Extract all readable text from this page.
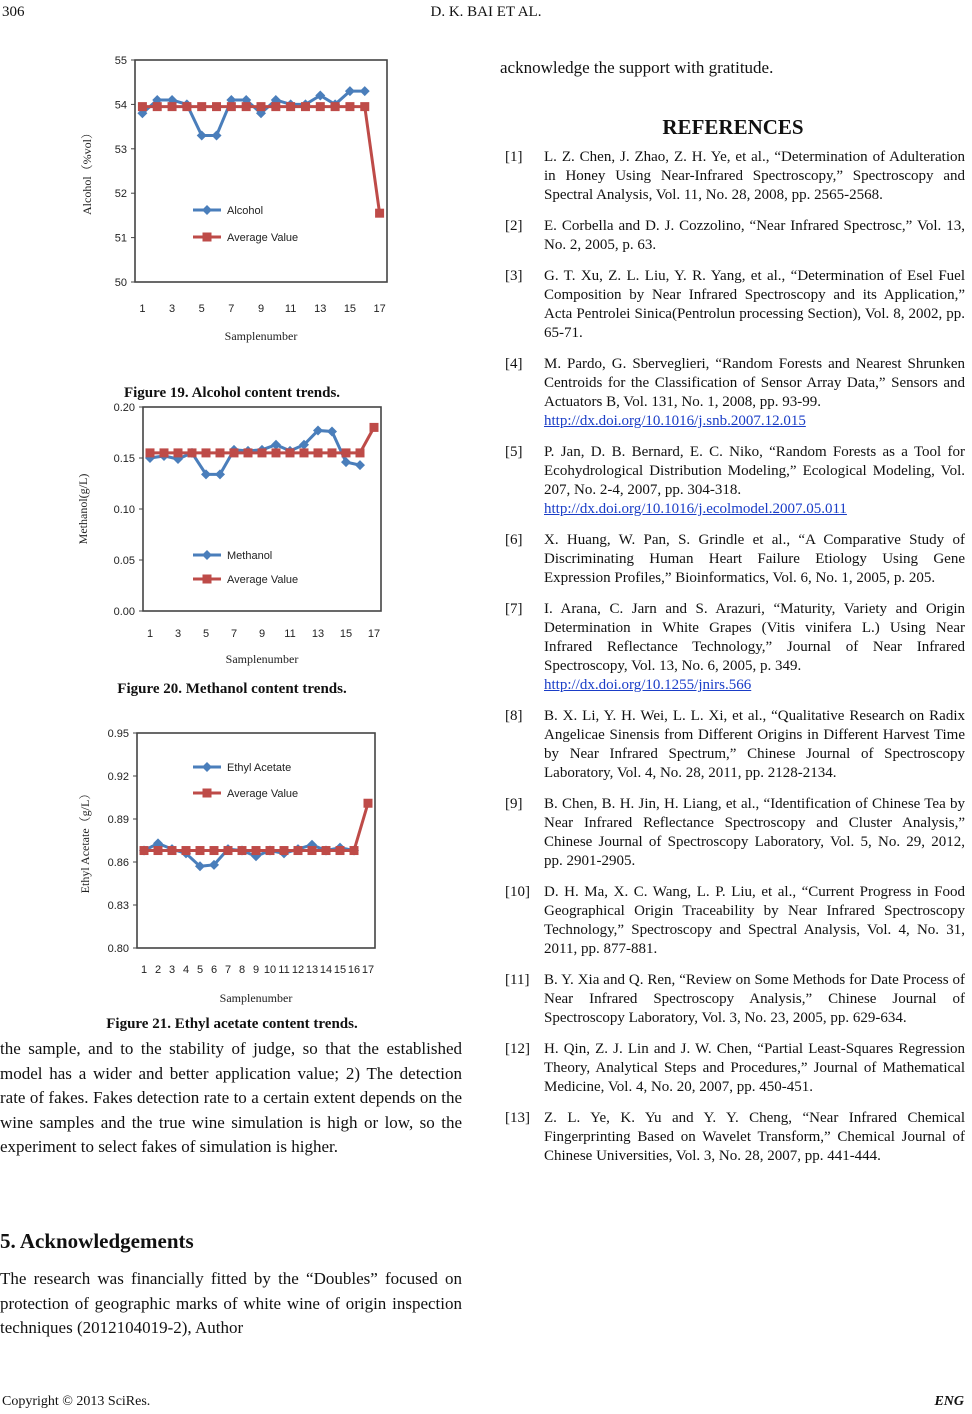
306	D. K. BAI ET AL.
50
51
52
53
54
55
1 3 5 7 9 11 13 15 17
Samplenumber
Alcohol（%vol）	Alcohol
Average Value
Figure 19. Alcohol content trends.
0.00
0.05
0.10
0.15
0.20
1 3 5 7 9 11 13 15 17
Samplenumber
Methanol(g/L)
Methanol
Average Value
Figure 20. Methanol content trends.
0.80
0.83
0.86
0.89
0.92
0.95
1 2 3 4 5 6 7 8 9 10 11 12 13 14 15 16 17
Samplenumber
Ethyl Acetate（g/L）
Ethyl Acetate
Average Value
Figure 21. Ethyl acetate content trends.
the sample, and to the stability of judge, so that the established model has a wider and better application value; 2) The detection rate of fakes. Fakes detection rate to a certain extent depends on the wine samples and the true wine simulation is high or low, so the experiment to select fakes of simulation is higher.
5. Acknowledgements
The research was financially fitted by the “Doubles” focused on protection of geographic marks of white wine of origin inspection techniques (2012104019-2), Author
acknowledge the support with gratitude.
REFERENCES
[1] L. Z. Chen, J. Zhao, Z. H. Ye, et al., “Determination of Adulteration in Honey Using Near-Infrared Spectroscopy,” Spectroscopy and Spectral Analysis, Vol. 11, No. 28, 2008, pp. 2565-2568.
[2] E. Corbella and D. J. Cozzolino, “Near Infrared Spectrosc,” Vol. 13, No. 2, 2005, p. 63.
[3] G. T. Xu, Z. L. Liu, Y. R. Yang, et al., “Determination of Esel Fuel Composition by Near Infrared Spectroscopy and its Application,” Acta Pentrolei Sinica(Pentrolun processing Section), Vol. 8, 2002, pp. 65-71.
[4] M. Pardo, G. Sberveglieri, “Random Forests and Nearest Shrunken Centroids for the Classification of Sensor Array Data,” Sensors and Actuators B, Vol. 131, No. 1, 2008, pp. 93-99.
http://dx.doi.org/10.1016/j.snb.2007.12.015
[5] P. Jan, D. B. Bernard, E. C. Niko, “Random Forests as a Tool for Ecohydrological Distribution Modeling,” Ecological Modeling, Vol. 207, No. 2-4, 2007, pp. 304-318.
http://dx.doi.org/10.1016/j.ecolmodel.2007.05.011
[6] X. Huang, W. Pan, S. Grindle et al., “A Comparative Study of Discriminating Human Heart Failure Etiology Using Gene Expression Profiles,” Bioinformatics, Vol. 6, No. 1, 2005, p. 205.
[7] I. Arana, C. Jarn and S. Arazuri, “Maturity, Variety and Origin Determination in White Grapes (Vitis vinifera L.) Using Near Infrared Reflectance Technology,” Journal of Near Infrared Spectroscopy, Vol. 13, No. 6, 2005, p. 349.
http://dx.doi.org/10.1255/jnirs.566
[8] B. X. Li, Y. H. Wei, L. L. Xi, et al., “Qualitative Research on Radix Angelicae Sinensis from Different Origins in Different Harvest Time by Near Infrared Spectrum,” Chinese Journal of Spectroscopy Laboratory, Vol. 4, No. 28, 2011, pp. 2128-2134.
[9] B. Chen, B. H. Jin, H. Liang, et al., “Identification of Chinese Tea by Near Infrared Reflectance Spectroscopy and Cluster Analysis,” Chinese Journal of Spectroscopy Laboratory, Vol. 5, No. 29, 2012, pp. 2901-2905.
[10] D. H. Ma, X. C. Wang, L. P. Liu, et al., “Current Progress in Food Geographical Origin Traceability by Near Infrared Spectroscopy Technology,” Spectroscopy and Spectral Analysis, Vol. 4, No. 31, 2011, pp. 877-881.
[11] B. Y. Xia and Q. Ren, “Review on Some Methods for Date Process of Near Infrared Spectroscopy Analysis,” Chinese Journal of Spectroscopy Laboratory, Vol. 3, No. 23, 2005, pp. 629-634.
[12] H. Qin, Z. J. Lin and J. W. Chen, “Partial Least-Squares Regression Theory, Analytical Steps and Procedures,” Journal of Mathematical Medicine, Vol. 4, No. 20, 2007, pp. 450-451.
[13] Z. L. Ye, K. Yu and Y. Y. Cheng, “Near Infrared Chemical Fingerprinting Based on Wavelet Transform,” Chemical Journal of Chinese Universities, Vol. 3, No. 28, 2007, pp. 441-444.
Copyright © 2013 SciRes.	ENG
